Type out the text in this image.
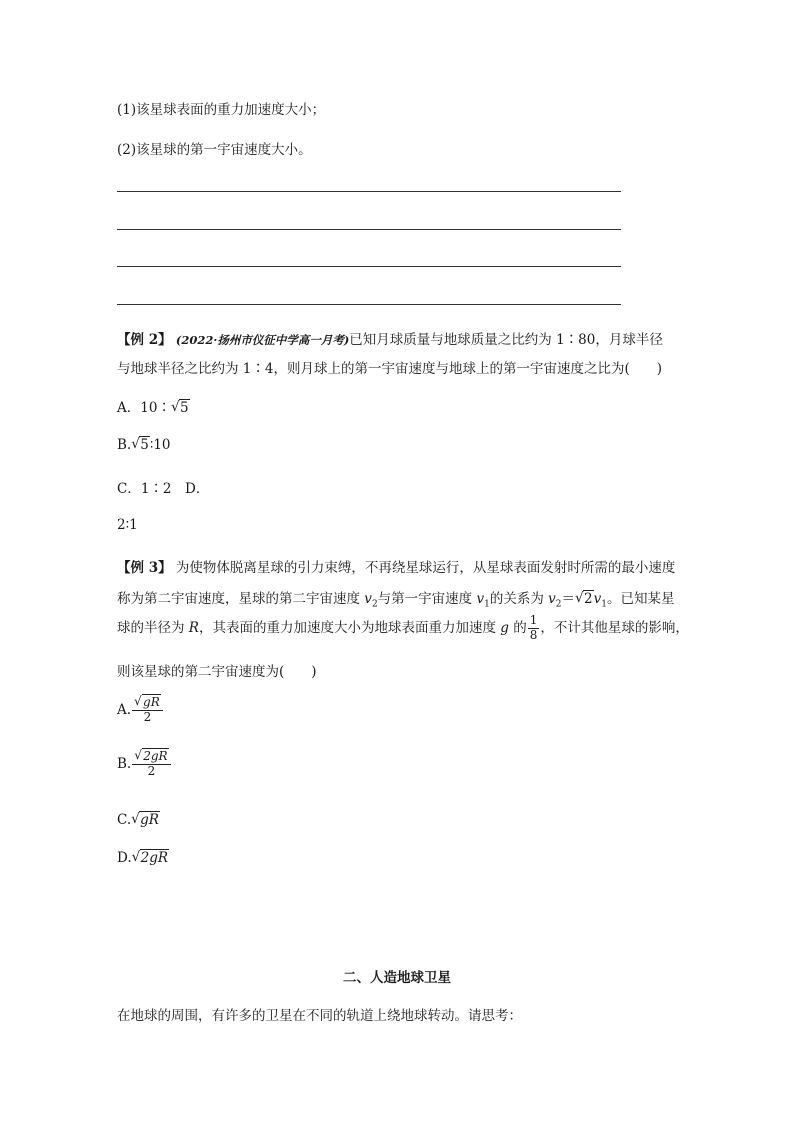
(1)该星球表面的重力加速度大小；
(2)该星球的第一宇宙速度大小。
【例 2】 (2022·扬州市仪征中学高一月考)已知月球质量与地球质量之比约为 1∶80，月球半径
与地球半径之比约为 1∶4，则月球上的第一宇宙速度与地球上的第一宇宙速度之比为(　　)
A．10∶√ 5
B.√ 5∶10
C．1∶2　D．
2∶1
【例 3】 为使物体脱离星球的引力束缚，不再绕星球运行，从星球表面发射时所需的最小速度
称为第二宇宙速度，星球的第二宇宙速度 $v_2$与第一宇宙速度 $v_1$的关系为 $v_2=√$ $2v_1$。已知某星
球的半径为 R，其表面的重力加速度大小为地球表面重力加速度 g 的 $\frac{1}{8}$ ，不计其他星球的影响，
则该星球的第二宇宙速度为(　　)
A.
√ $\frac{gR}{2}$
B.
√ $\frac{2gR}{2}$
C.√ gR
D.√ 2gR
二、人造地球卫星
在地球的周围，有许多的卫星在不同的轨道上绕地球转动。请思考：
